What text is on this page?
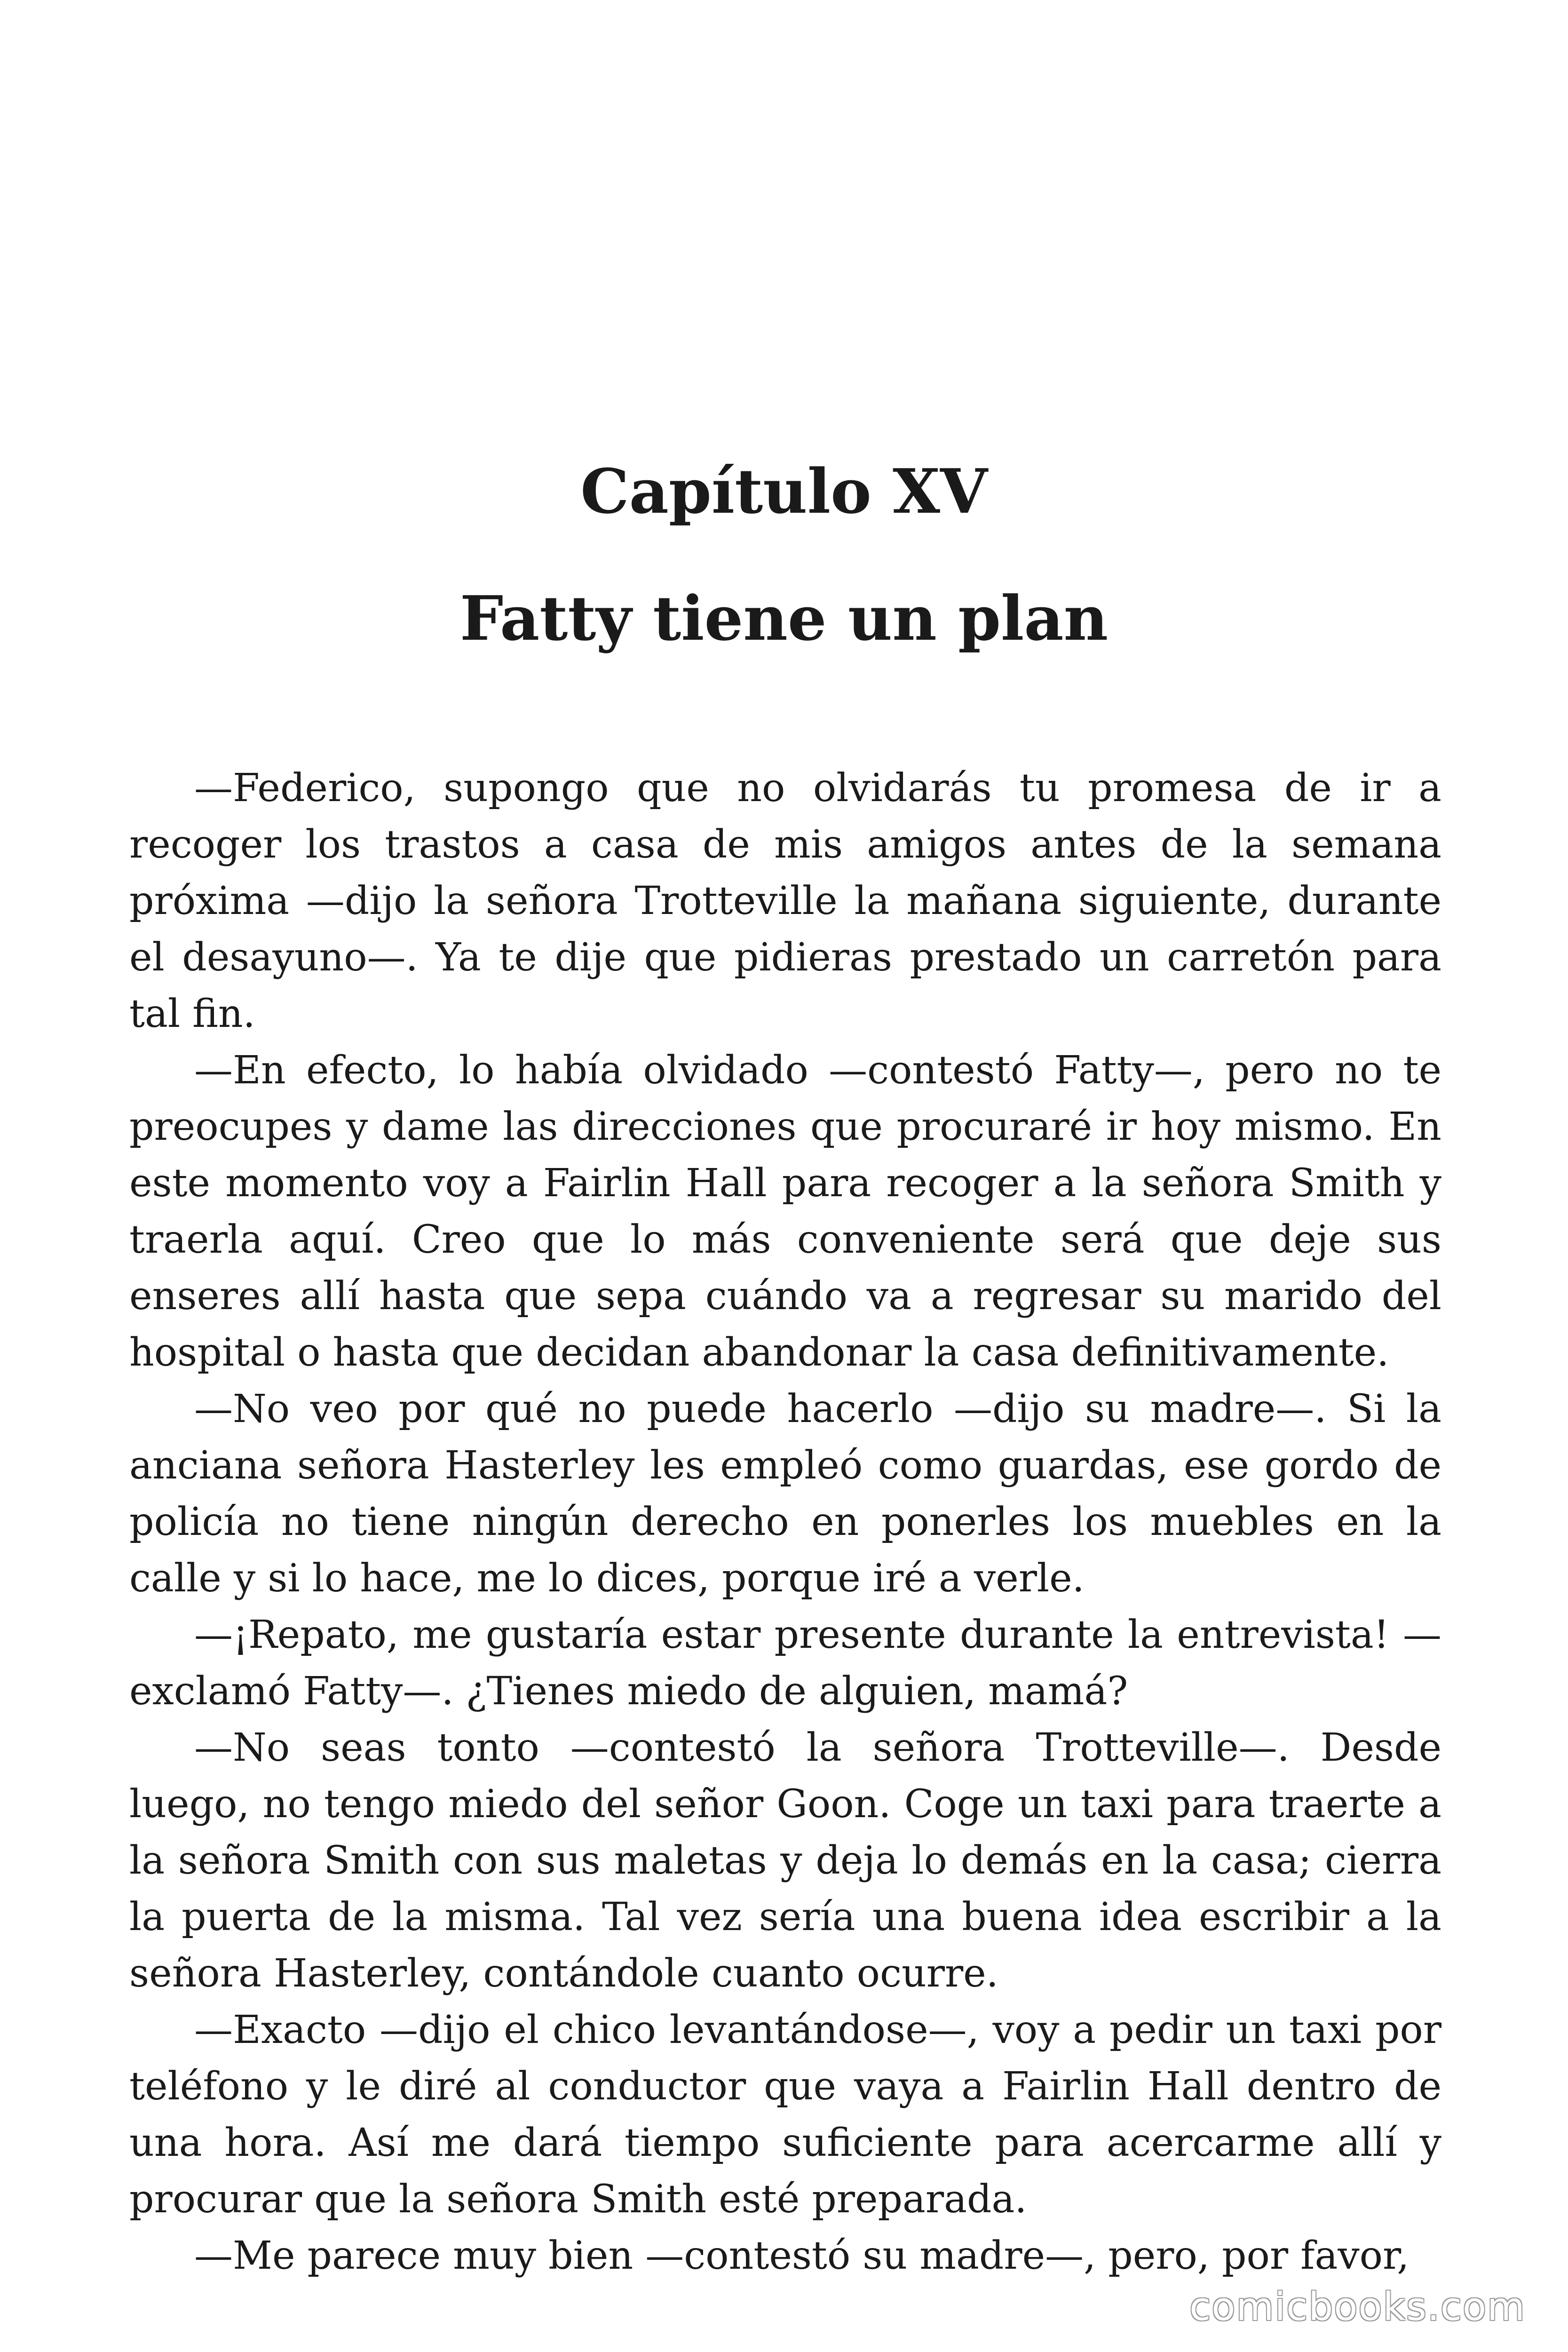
Capítulo XV
Fatty tiene un plan

—Federico, supongo que no olvidarás tu promesa de ir a recoger los trastos a casa de mis amigos antes de la semana próxima —dijo la señora Trotteville la mañana siguiente, durante el desayuno—. Ya te dije que pidieras prestado un carretón para tal fin.

—En efecto, lo había olvidado —contestó Fatty—, pero no te preocupes y dame las direcciones que procuraré ir hoy mismo. En este momento voy a Fairlin Hall para recoger a la señora Smith y traerla aquí. Creo que lo más conveniente será que deje sus enseres allí hasta que sepa cuándo va a regresar su marido del hospital o hasta que decidan abandonar la casa definitivamente.

—No veo por qué no puede hacerlo —dijo su madre—. Si la anciana señora Hasterley les empleó como guardas, ese gordo de policía no tiene ningún derecho en ponerles los muebles en la calle y si lo hace, me lo dices, porque iré a verle.

—¡Repato, me gustaría estar presente durante la entrevista! —exclamó Fatty—. ¿Tienes miedo de alguien, mamá?

—No seas tonto —contestó la señora Trotteville—. Desde luego, no tengo miedo del señor Goon. Coge un taxi para traerte a la señora Smith con sus maletas y deja lo demás en la casa; cierra la puerta de la misma. Tal vez sería una buena idea escribir a la señora Hasterley, contándole cuanto ocurre.

—Exacto —dijo el chico levantándose—, voy a pedir un taxi por teléfono y le diré al conductor que vaya a Fairlin Hall dentro de una hora. Así me dará tiempo suficiente para acercarme allí y procurar que la señora Smith esté preparada.

—Me parece muy bien —contestó su madre—, pero, por favor,

comicbooks.com
